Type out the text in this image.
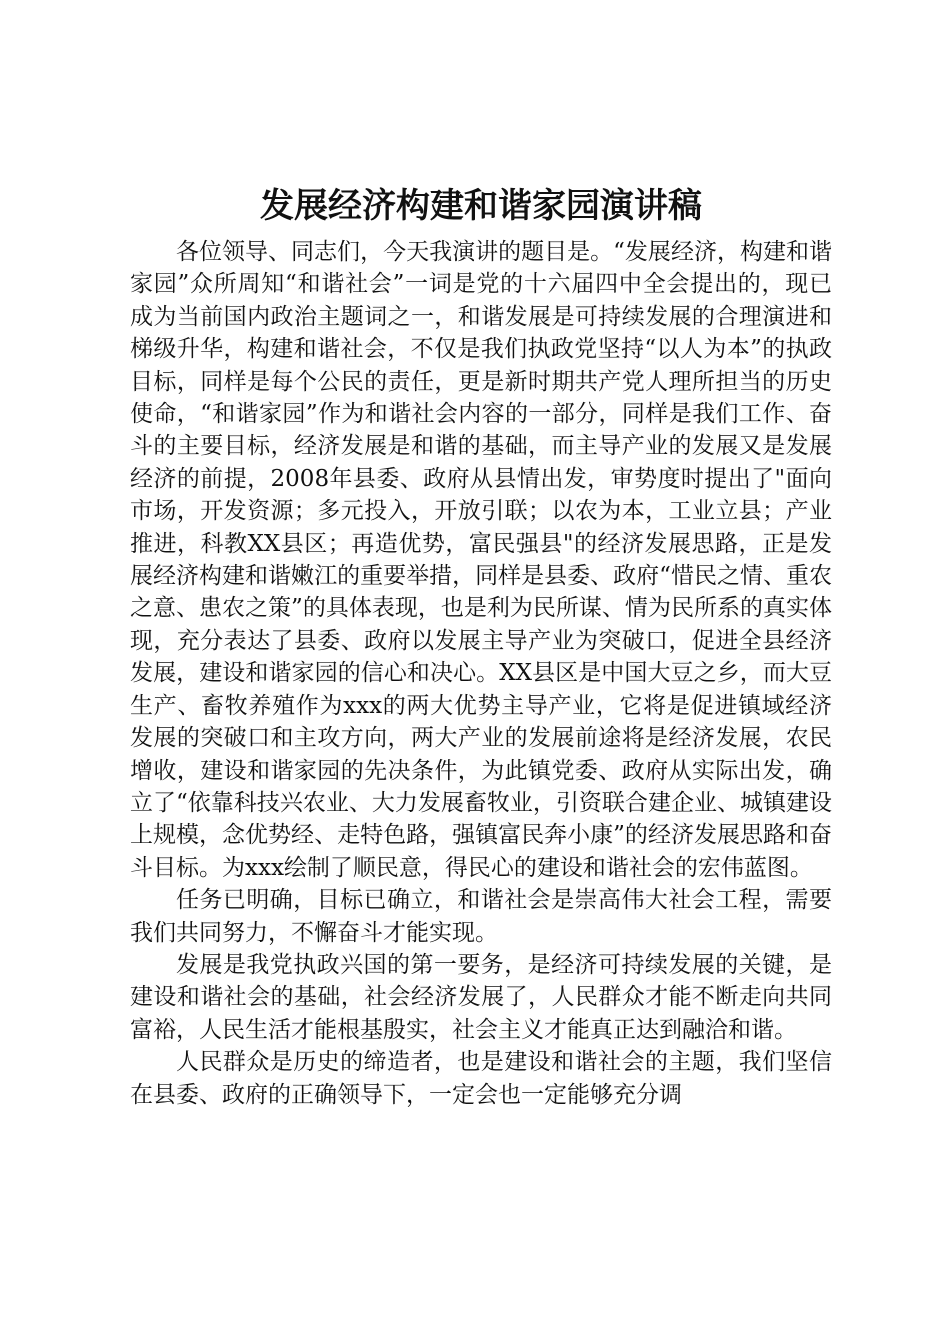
发展经济构建和谐家园演讲稿

各位领导、同志们，今天我演讲的题目是。“发展经济，构建和谐家园”众所周知“和谐社会”一词是党的十六届四中全会提出的，现已成为当前国内政治主题词之一，和谐发展是可持续发展的合理演进和梯级升华，构建和谐社会，不仅是我们执政党坚持“以人为本”的执政目标，同样是每个公民的责任，更是新时期共产党人理所担当的历史使命，“和谐家园”作为和谐社会内容的一部分，同样是我们工作、奋斗的主要目标，经济发展是和谐的基础，而主导产业的发展又是发展经济的前提，2008年县委、政府从县情出发，审势度时提出了"面向市场，开发资源；多元投入，开放引联；以农为本，工业立县；产业推进，科教XX县区；再造优势，富民强县"的经济发展思路，正是发展经济构建和谐嫩江的重要举措，同样是县委、政府“惜民之情、重农之意、患农之策”的具体表现，也是利为民所谋、情为民所系的真实体现，充分表达了县委、政府以发展主导产业为突破口，促进全县经济发展，建设和谐家园的信心和决心。XX县区是中国大豆之乡，而大豆生产、畜牧养殖作为xxx的两大优势主导产业，它将是促进镇域经济发展的突破口和主攻方向，两大产业的发展前途将是经济发展，农民增收，建设和谐家园的先决条件，为此镇党委、政府从实际出发，确立了“依靠科技兴农业、大力发展畜牧业，引资联合建企业、城镇建设上规模，念优势经、走特色路，强镇富民奔小康”的经济发展思路和奋斗目标。为xxx绘制了顺民意，得民心的建设和谐社会的宏伟蓝图。

任务已明确，目标已确立，和谐社会是崇高伟大社会工程，需要我们共同努力，不懈奋斗才能实现。

发展是我党执政兴国的第一要务，是经济可持续发展的关键，是建设和谐社会的基础，社会经济发展了，人民群众才能不断走向共同富裕，人民生活才能根基殷实，社会主义才能真正达到融洽和谐。

人民群众是历史的缔造者，也是建设和谐社会的主题，我们坚信在县委、政府的正确领导下，一定会也一定能够充分调
